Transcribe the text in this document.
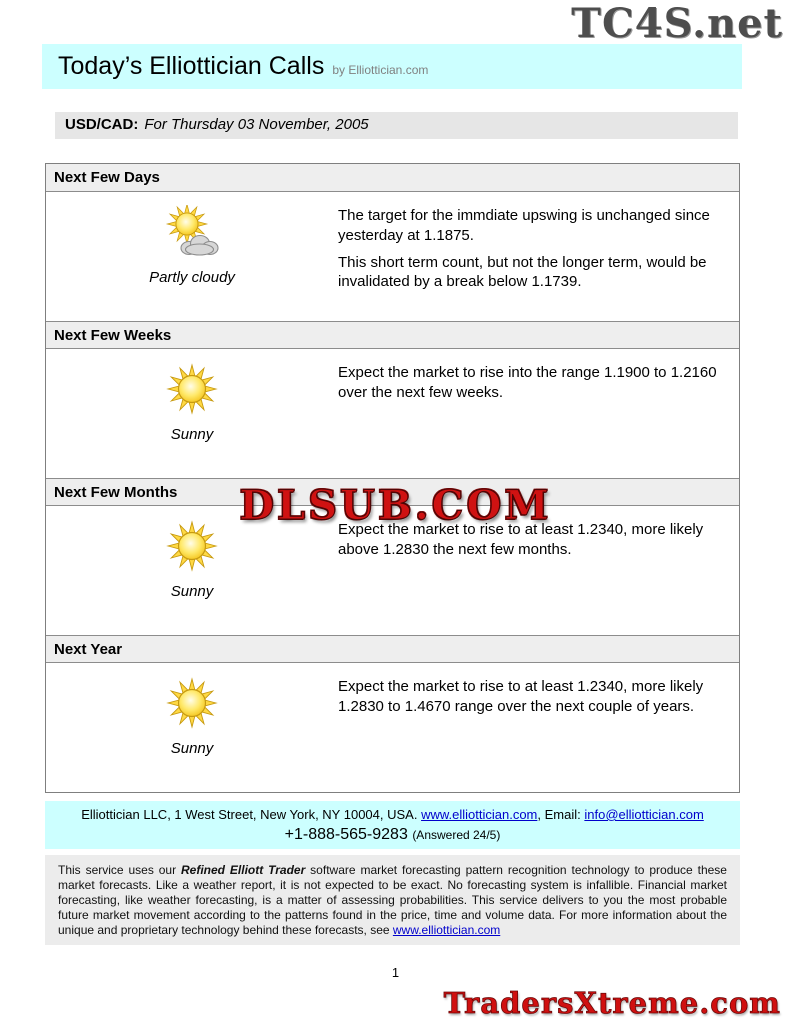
TC4S.net
DLSUB.COM
TradersXtreme.com
Today’s Elliottician Calls by Elliottician.com
USD/CAD: For Thursday 03 November, 2005
Next Few Days
Partly cloudy

The target for the immdiate upswing is unchanged since yesterday at 1.1875.

This short term count, but not the longer term, would be invalidated by a break below 1.1739.

Next Few Weeks
Sunny

Expect the market to rise into the range 1.1900 to 1.2160 over the next few weeks.

Next Few Months
Sunny

Expect the market to rise to at least 1.2340, more likely above 1.2830 the next few months.

Next Year
Sunny

Expect the market to rise to at least 1.2340, more likely 1.2830 to 1.4670 range over the next couple of years.

Elliottician LLC, 1 West Street, New York, NY 10004, USA. www.elliottician.com, Email: info@elliottician.com
+1-888-565-9283 (Answered 24/5)
This service uses our Refined Elliott Trader software market forecasting pattern recognition technology to produce these market forecasts. Like a weather report, it is not expected to be exact. No forecasting system is infallible. Financial market forecasting, like weather forecasting, is a matter of assessing probabilities. This service delivers to you the most probable future market movement according to the patterns found in the price, time and volume data. For more information about the unique and proprietary technology behind these forecasts, see www.elliottician.com
1
